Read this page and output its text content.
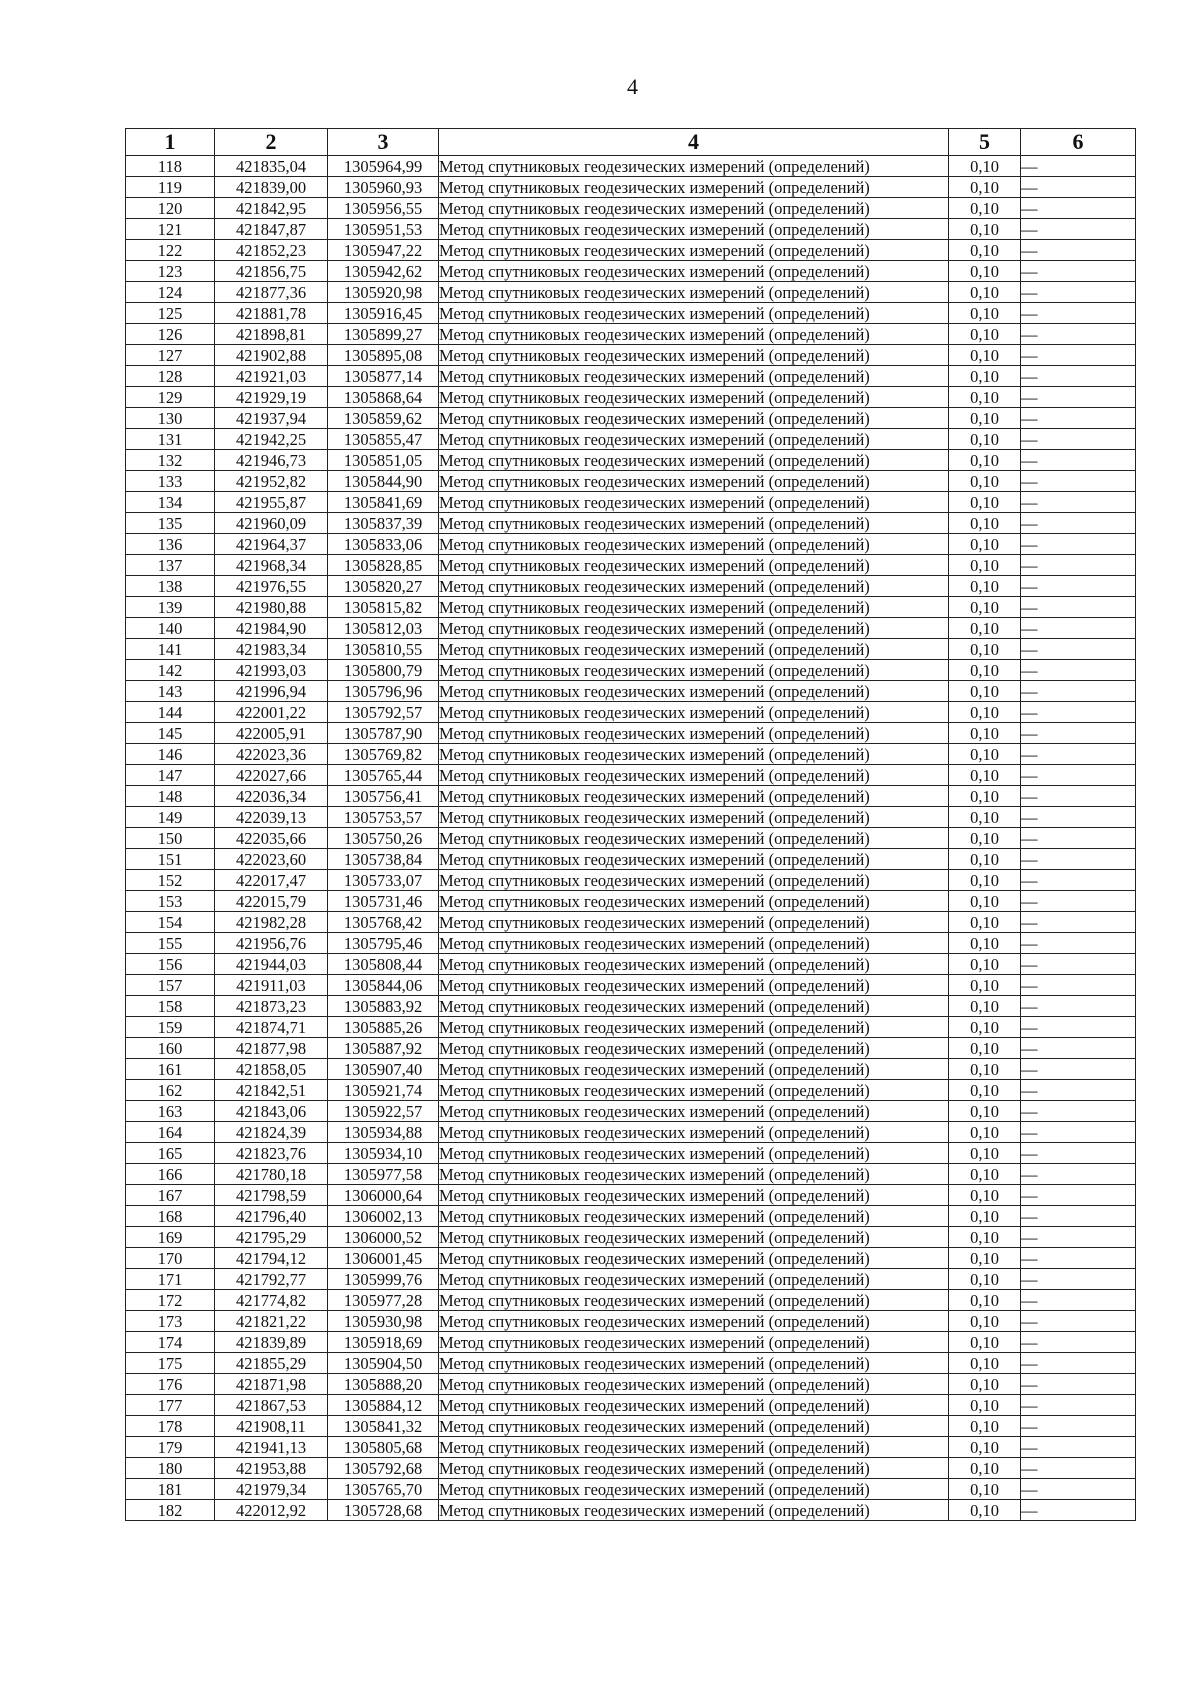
4
1	2	3	4	5	6
118	421835,04	1305964,99	Метод спутниковых геодезических измерений (определений)	0,10	—
119	421839,00	1305960,93	Метод спутниковых геодезических измерений (определений)	0,10	—
120	421842,95	1305956,55	Метод спутниковых геодезических измерений (определений)	0,10	—
121	421847,87	1305951,53	Метод спутниковых геодезических измерений (определений)	0,10	—
122	421852,23	1305947,22	Метод спутниковых геодезических измерений (определений)	0,10	—
123	421856,75	1305942,62	Метод спутниковых геодезических измерений (определений)	0,10	—
124	421877,36	1305920,98	Метод спутниковых геодезических измерений (определений)	0,10	—
125	421881,78	1305916,45	Метод спутниковых геодезических измерений (определений)	0,10	—
126	421898,81	1305899,27	Метод спутниковых геодезических измерений (определений)	0,10	—
127	421902,88	1305895,08	Метод спутниковых геодезических измерений (определений)	0,10	—
128	421921,03	1305877,14	Метод спутниковых геодезических измерений (определений)	0,10	—
129	421929,19	1305868,64	Метод спутниковых геодезических измерений (определений)	0,10	—
130	421937,94	1305859,62	Метод спутниковых геодезических измерений (определений)	0,10	—
131	421942,25	1305855,47	Метод спутниковых геодезических измерений (определений)	0,10	—
132	421946,73	1305851,05	Метод спутниковых геодезических измерений (определений)	0,10	—
133	421952,82	1305844,90	Метод спутниковых геодезических измерений (определений)	0,10	—
134	421955,87	1305841,69	Метод спутниковых геодезических измерений (определений)	0,10	—
135	421960,09	1305837,39	Метод спутниковых геодезических измерений (определений)	0,10	—
136	421964,37	1305833,06	Метод спутниковых геодезических измерений (определений)	0,10	—
137	421968,34	1305828,85	Метод спутниковых геодезических измерений (определений)	0,10	—
138	421976,55	1305820,27	Метод спутниковых геодезических измерений (определений)	0,10	—
139	421980,88	1305815,82	Метод спутниковых геодезических измерений (определений)	0,10	—
140	421984,90	1305812,03	Метод спутниковых геодезических измерений (определений)	0,10	—
141	421983,34	1305810,55	Метод спутниковых геодезических измерений (определений)	0,10	—
142	421993,03	1305800,79	Метод спутниковых геодезических измерений (определений)	0,10	—
143	421996,94	1305796,96	Метод спутниковых геодезических измерений (определений)	0,10	—
144	422001,22	1305792,57	Метод спутниковых геодезических измерений (определений)	0,10	—
145	422005,91	1305787,90	Метод спутниковых геодезических измерений (определений)	0,10	—
146	422023,36	1305769,82	Метод спутниковых геодезических измерений (определений)	0,10	—
147	422027,66	1305765,44	Метод спутниковых геодезических измерений (определений)	0,10	—
148	422036,34	1305756,41	Метод спутниковых геодезических измерений (определений)	0,10	—
149	422039,13	1305753,57	Метод спутниковых геодезических измерений (определений)	0,10	—
150	422035,66	1305750,26	Метод спутниковых геодезических измерений (определений)	0,10	—
151	422023,60	1305738,84	Метод спутниковых геодезических измерений (определений)	0,10	—
152	422017,47	1305733,07	Метод спутниковых геодезических измерений (определений)	0,10	—
153	422015,79	1305731,46	Метод спутниковых геодезических измерений (определений)	0,10	—
154	421982,28	1305768,42	Метод спутниковых геодезических измерений (определений)	0,10	—
155	421956,76	1305795,46	Метод спутниковых геодезических измерений (определений)	0,10	—
156	421944,03	1305808,44	Метод спутниковых геодезических измерений (определений)	0,10	—
157	421911,03	1305844,06	Метод спутниковых геодезических измерений (определений)	0,10	—
158	421873,23	1305883,92	Метод спутниковых геодезических измерений (определений)	0,10	—
159	421874,71	1305885,26	Метод спутниковых геодезических измерений (определений)	0,10	—
160	421877,98	1305887,92	Метод спутниковых геодезических измерений (определений)	0,10	—
161	421858,05	1305907,40	Метод спутниковых геодезических измерений (определений)	0,10	—
162	421842,51	1305921,74	Метод спутниковых геодезических измерений (определений)	0,10	—
163	421843,06	1305922,57	Метод спутниковых геодезических измерений (определений)	0,10	—
164	421824,39	1305934,88	Метод спутниковых геодезических измерений (определений)	0,10	—
165	421823,76	1305934,10	Метод спутниковых геодезических измерений (определений)	0,10	—
166	421780,18	1305977,58	Метод спутниковых геодезических измерений (определений)	0,10	—
167	421798,59	1306000,64	Метод спутниковых геодезических измерений (определений)	0,10	—
168	421796,40	1306002,13	Метод спутниковых геодезических измерений (определений)	0,10	—
169	421795,29	1306000,52	Метод спутниковых геодезических измерений (определений)	0,10	—
170	421794,12	1306001,45	Метод спутниковых геодезических измерений (определений)	0,10	—
171	421792,77	1305999,76	Метод спутниковых геодезических измерений (определений)	0,10	—
172	421774,82	1305977,28	Метод спутниковых геодезических измерений (определений)	0,10	—
173	421821,22	1305930,98	Метод спутниковых геодезических измерений (определений)	0,10	—
174	421839,89	1305918,69	Метод спутниковых геодезических измерений (определений)	0,10	—
175	421855,29	1305904,50	Метод спутниковых геодезических измерений (определений)	0,10	—
176	421871,98	1305888,20	Метод спутниковых геодезических измерений (определений)	0,10	—
177	421867,53	1305884,12	Метод спутниковых геодезических измерений (определений)	0,10	—
178	421908,11	1305841,32	Метод спутниковых геодезических измерений (определений)	0,10	—
179	421941,13	1305805,68	Метод спутниковых геодезических измерений (определений)	0,10	—
180	421953,88	1305792,68	Метод спутниковых геодезических измерений (определений)	0,10	—
181	421979,34	1305765,70	Метод спутниковых геодезических измерений (определений)	0,10	—
182	422012,92	1305728,68	Метод спутниковых геодезических измерений (определений)	0,10	—
